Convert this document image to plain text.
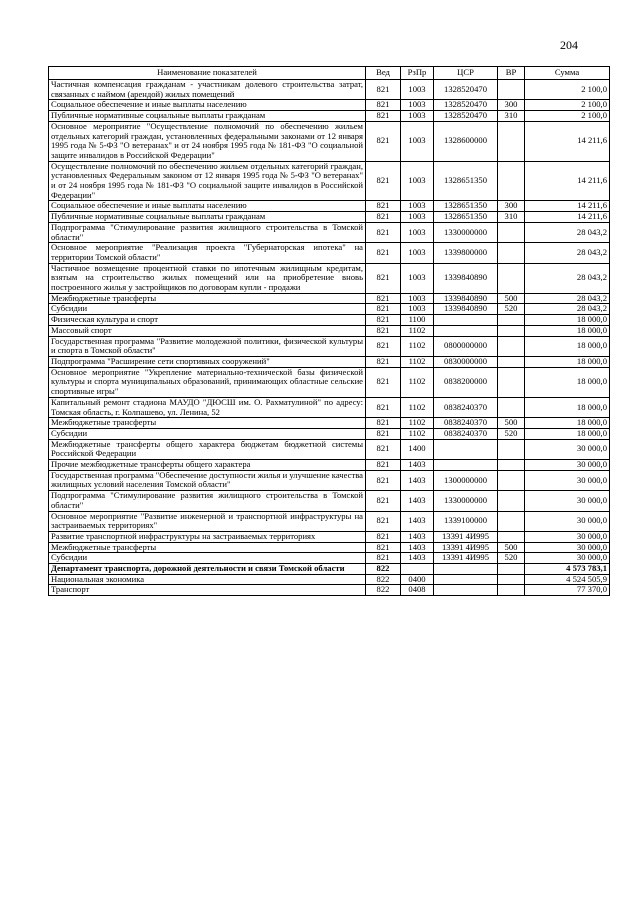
204
Наименование показателей	Вед	РзПр	ЦСР	ВР	Сумма
Частичная компенсация гражданам - участникам долевого строительства затрат, связанных с наймом (арендой) жилых помещений	821	1003	1328520470		2 100,0
Социальное обеспечение и иные выплаты населению	821	1003	1328520470	300	2 100,0
Публичные нормативные социальные выплаты гражданам	821	1003	1328520470	310	2 100,0
Основное мероприятие "Осуществление полномочий по обеспечению жильем отдельных категорий граждан, установленных федеральными законами от 12 января 1995 года № 5-ФЗ "О ветеранах" и от 24 ноября 1995 года № 181-ФЗ "О социальной защите инвалидов в Российской Федерации"	821	1003	1328600000		14 211,6
Осуществление полномочий по обеспечению жильем отдельных категорий граждан, установленных Федеральным законом от 12 января 1995 года № 5-ФЗ "О ветеранах" и от 24 ноября 1995 года № 181-ФЗ "О социальной защите инвалидов в Российской Федерации"	821	1003	1328651350		14 211,6
Социальное обеспечение и иные выплаты населению	821	1003	1328651350	300	14 211,6
Публичные нормативные социальные выплаты гражданам	821	1003	1328651350	310	14 211,6
Подпрограмма "Стимулирование развития жилищного строительства в Томской области"	821	1003	1330000000		28 043,2
Основное мероприятие "Реализация проекта "Губернаторская ипотека" на территории Томской области"	821	1003	1339800000		28 043,2
Частичное возмещение процентной ставки по ипотечным жилищным кредитам, взятым на строительство жилых помещений или на приобретение вновь построенного жилья у застройщиков по договорам купли - продажи	821	1003	1339840890		28 043,2
Межбюджетные трансферты	821	1003	1339840890	500	28 043,2
Субсидии	821	1003	1339840890	520	28 043,2
Физическая культура и спорт	821	1100			18 000,0
Массовый спорт	821	1102			18 000,0
Государственная программа "Развитие молодежной политики, физической культуры и спорта в Томской области"	821	1102	0800000000		18 000,0
Подпрограмма "Расширение сети спортивных сооружений"	821	1102	0830000000		18 000,0
Основное мероприятие "Укрепление материально-технической базы физической культуры и спорта муниципальных образований, принимающих областные сельские спортивные игры"	821	1102	0838200000		18 000,0
Капитальный ремонт стадиона МАУДО "ДЮСШ им. О. Рахматулиной" по адресу: Томская область, г. Колпашево, ул. Ленина, 52	821	1102	0838240370		18 000,0
Межбюджетные трансферты	821	1102	0838240370	500	18 000,0
Субсидии	821	1102	0838240370	520	18 000,0
Межбюджетные трансферты общего характера бюджетам бюджетной системы Российской Федерации	821	1400			30 000,0
Прочие межбюджетные трансферты общего характера	821	1403			30 000,0
Государственная программа "Обеспечение доступности жилья и улучшение качества жилищных условий населения Томской области"	821	1403	1300000000		30 000,0
Подпрограмма "Стимулирование развития жилищного строительства в Томской области"	821	1403	1330000000		30 000,0
Основное мероприятие "Развитие инженерной и транспортной инфраструктуры на застраиваемых территориях"	821	1403	1339100000		30 000,0
Развитие транспортной инфраструктуры на застраиваемых территориях	821	1403	13391 4И995		30 000,0
Межбюджетные трансферты	821	1403	13391 4И995	500	30 000,0
Субсидии	821	1403	13391 4И995	520	30 000,0
Департамент транспорта, дорожной деятельности и связи Томской области	822				4 573 783,1
Национальная экономика	822	0400			4 524 505,9
Транспорт	822	0408			77 370,0
